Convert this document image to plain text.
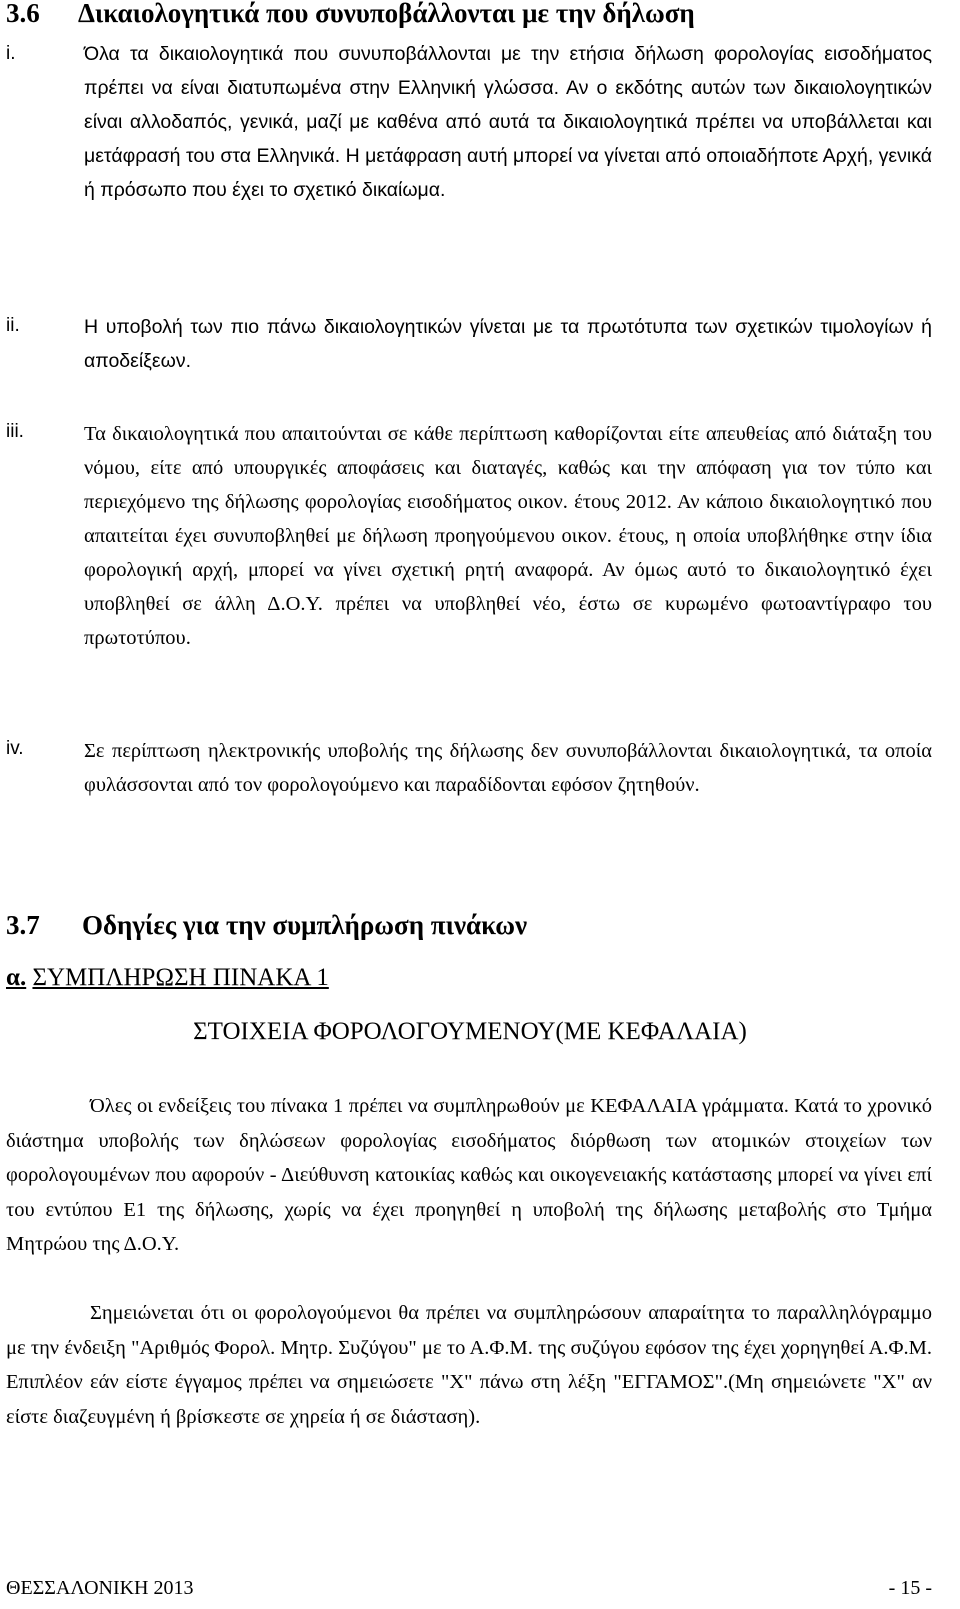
3.6 Δικαιολογητικά που συνυποβάλλονται με την δήλωση
i.	Όλα τα δικαιολογητικά που συνυποβάλλονται με την ετήσια δήλωση φορολογίας εισοδήματος πρέπει να είναι διατυπωμένα στην Ελληνική γλώσσα. Αν ο εκδότης αυτών των δικαιολογητικών είναι αλλοδαπός, γενικά, μαζί με καθένα από αυτά τα δικαιολογητικά πρέπει να υποβάλλεται και μετάφρασή του στα Ελληνικά. Η μετάφραση αυτή μπορεί να γίνεται από οποιαδήποτε Αρχή, γενικά ή πρόσωπο που έχει το σχετικό δικαίωμα.
ii.	Η υποβολή των πιο πάνω δικαιολογητικών γίνεται με τα πρωτότυπα των σχετικών τιμολογίων ή αποδείξεων.
iii.	Τα δικαιολογητικά που απαιτούνται σε κάθε περίπτωση καθορίζονται είτε απευθείας από διάταξη του νόμου, είτε από υπουργικές αποφάσεις και διαταγές, καθώς και την απόφαση για τον τύπο και περιεχόμενο της δήλωσης φορολογίας εισοδήματος οικον. έτους 2012. Αν κάποιο δικαιολογητικό που απαιτείται έχει συνυποβληθεί με δήλωση προηγούμενου οικον. έτους, η οποία υποβλήθηκε στην ίδια φορολογική αρχή, μπορεί να γίνει σχετική ρητή αναφορά. Αν όμως αυτό το δικαιολογητικό έχει υποβληθεί σε άλλη Δ.Ο.Υ. πρέπει να υποβληθεί νέο, έστω σε κυρωμένο φωτοαντίγραφο του πρωτοτύπου.
iv.	Σε περίπτωση ηλεκτρονικής υποβολής της δήλωσης δεν συνυποβάλλονται δικαιολογητικά, τα οποία φυλάσσονται από τον φορολογούμενο και παραδίδονται εφόσον ζητηθούν.
3.7 Οδηγίες για την συμπλήρωση πινάκων
α. ΣΥΜΠΛΗΡΩΣΗ ΠΙΝΑΚΑ 1
ΣΤΟΙΧΕΙΑ ΦΟΡΟΛΟΓΟΥΜΕΝΟΥ(ΜΕ ΚΕΦΑΛΑΙΑ)
Όλες οι ενδείξεις του πίνακα 1 πρέπει να συμπληρωθούν με ΚΕΦΑΛΑΙΑ γράμματα. Κατά το χρονικό διάστημα υποβολής των δηλώσεων φορολογίας εισοδήματος διόρθωση των ατομικών στοιχείων των φορολογουμένων που αφορούν - Διεύθυνση κατοικίας καθώς και οικογενειακής κατάστασης μπορεί να γίνει επί του εντύπου Ε1 της δήλωσης, χωρίς να έχει προηγηθεί η υποβολή της δήλωσης μεταβολής στο Τμήμα Μητρώου της Δ.Ο.Υ.
Σημειώνεται ότι οι φορολογούμενοι θα πρέπει να συμπληρώσουν απαραίτητα το παραλληλόγραμμο με την ένδειξη "Αριθμός Φορολ. Μητρ. Συζύγου" με το Α.Φ.Μ. της συζύγου εφόσον της έχει χορηγηθεί Α.Φ.Μ. Επιπλέον εάν είστε έγγαμος πρέπει να σημειώσετε "Χ" πάνω στη λέξη "ΕΓΓΑΜΟΣ".(Μη σημειώνετε "Χ" αν είστε διαζευγμένη ή βρίσκεστε σε χηρεία ή σε διάσταση).
ΘΕΣΣΑΛΟΝΙΚΗ 2013	- 15 -
